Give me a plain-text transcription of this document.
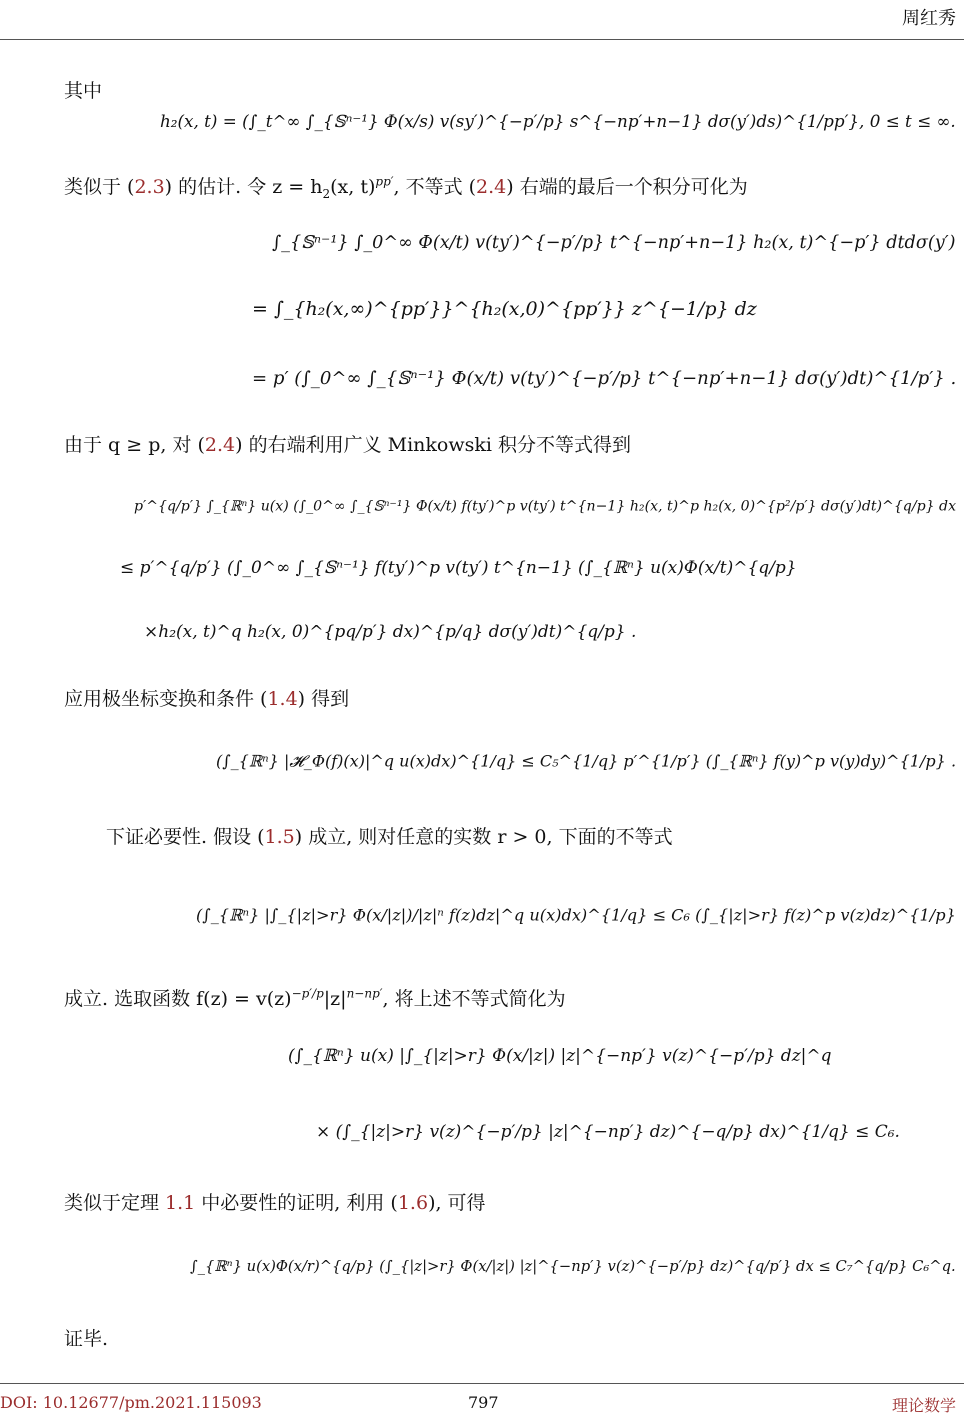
周红秀
其中
h₂(x, t) = (∫_t^∞ ∫_{𝕊ⁿ⁻¹} Φ(x/s) v(sy′)^{−p′/p} s^{−np′+n−1} dσ(y′)ds)^{1/pp′}, 0 ≤ t ≤ ∞.
类似于 (2.3) 的估计. 令 $z = h_2(x$, t)$^{pp'}$, 不等式 (2.4) 右端的最后一个积分可化为
∫_{𝕊ⁿ⁻¹} ∫_0^∞ Φ(x/t) v(ty′)^{−p′/p} t^{−np′+n−1} h₂(x, t)^{−p′} dtdσ(y′)
= ∫_{h₂(x,∞)^{pp′}}^{h₂(x,0)^{pp′}} z^{−1/p} dz
= p′ (∫_0^∞ ∫_{𝕊ⁿ⁻¹} Φ(x/t) v(ty′)^{−p′/p} t^{−np′+n−1} dσ(y′)dt)^{1/p′} .
由于 q ≥ p, 对 (2.4) 的右端利用广义 Minkowski 积分不等式得到
p′^{q/p′} ∫_{ℝⁿ} u(x) (∫_0^∞ ∫_{𝕊ⁿ⁻¹} Φ(x/t) f(ty′)^p v(ty′) t^{n−1} h₂(x, t)^p h₂(x, 0)^{p²/p′} dσ(y′)dt)^{q/p} dx
≤ p′^{q/p′} (∫_0^∞ ∫_{𝕊ⁿ⁻¹} f(ty′)^p v(ty′) t^{n−1} (∫_{ℝⁿ} u(x)Φ(x/t)^{q/p}
×h₂(x, t)^q h₂(x, 0)^{pq/p′} dx)^{p/q} dσ(y′)dt)^{q/p} .
应用极坐标变换和条件 (1.4) 得到
(∫_{ℝⁿ} |𝓗_Φ(f)(x)|^q u(x)dx)^{1/q} ≤ C₅^{1/q} p′^{1/p′} (∫_{ℝⁿ} f(y)^p v(y)dy)^{1/p} .
下证必要性. 假设 (1.5) 成立, 则对任意的实数 r > 0, 下面的不等式
(∫_{ℝⁿ} |∫_{|z|>r} Φ(x/|z|)/|z|ⁿ f(z)dz|^q u(x)dx)^{1/q} ≤ C₆ (∫_{|z|>r} f(z)^p v(z)dz)^{1/p}
成立. 选取函数 $f(z) = v(z)^{-p'/p}|z|^{n-np'}$, 将上述不等式简化为
(∫_{ℝⁿ} u(x) |∫_{|z|>r} Φ(x/|z|) |z|^{−np′} v(z)^{−p′/p} dz|^q
× (∫_{|z|>r} v(z)^{−p′/p} |z|^{−np′} dz)^{−q/p} dx)^{1/q} ≤ C₆.
类似于定理 1.1 中必要性的证明, 利用 (1.6), 可得
∫_{ℝⁿ} u(x)Φ(x/r)^{q/p} (∫_{|z|>r} Φ(x/|z|) |z|^{−np′} v(z)^{−p′/p} dz)^{q/p′} dx ≤ C₇^{q/p} C₆^q.
证毕.
DOI: 10.12677/pm.2021.115093	797	理论数学
